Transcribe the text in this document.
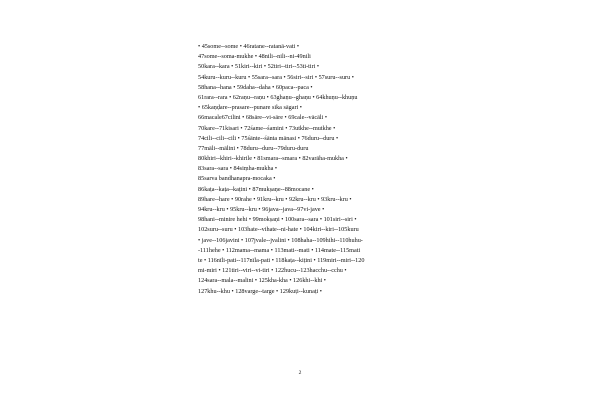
• 45some--some • 46ratane--ratanā-vati •
47some--soma-mukhe • 48nili--nili--ni-49nili
50kara--kara • 51kiri--kiri • 52tiri--tiri--53ti-tiri •
54kuru--kuru--kuru • 55sara--sara • 56siri--siri • 57suru--suru •
58hana--hana • 59daha--daha • 60paca--paca •
61rara--rara • 62raṇu--raṇu • 63ghaṇu--ghaṇu • 64khuṇu--khuṇu
• 65kaṇḍare--prasare--punare sika sāgari •
66macale67cilini • 68sāre--vi-sāre • 69cale--vācāli •
70kare--71kisari • 72śame--śamini • 73utkhe--mutkhe •
74cili--cili--cili • 75śānte--śānta mānasi • 76duru--duru •
77māli--mālini • 78duru--duru--79duru-duru
80khiri--khiri--khirile • 81smara--smara • 82varāha-mukha •
83sara--sara • 84siṃha-mukha •
85sarva bandhanapra-mocaka •
86kaṭa--kaṭa--kaṭini • 87mukṣaṇe--88mocane •
89hare--hare • 90rahe • 91kru--kru • 92kru--kru • 93kru--kru •
94kru--kru • 95kru--kru • 96java--java--97vi-jave •
98hani--minire hehi • 99mokṣaṇi • 100sara--sara • 101siri--siri •
102suru--suru • 103hate--vihate--ni-hate • 104kiri--kiri--105kuru
• jave--106javini • 107jvale--jvalini • 108haha--109hihi--110huhu-
-111hehe • 112mama--mama • 113mati--mati • 114mate--115mati
te • 116nīli-pati--117nīla-pati • 118kaṭa--kiṭini • 119miri--miri--120
mi-miri • 121tiri--viri--vi-tiri • 122hucu--123hacchu--cchu •
124sara--mala--malini • 125kha-kha • 126khi--khi •
127khu--khu • 128varge--targe • 129kuṭi--kunaṭi •
2
